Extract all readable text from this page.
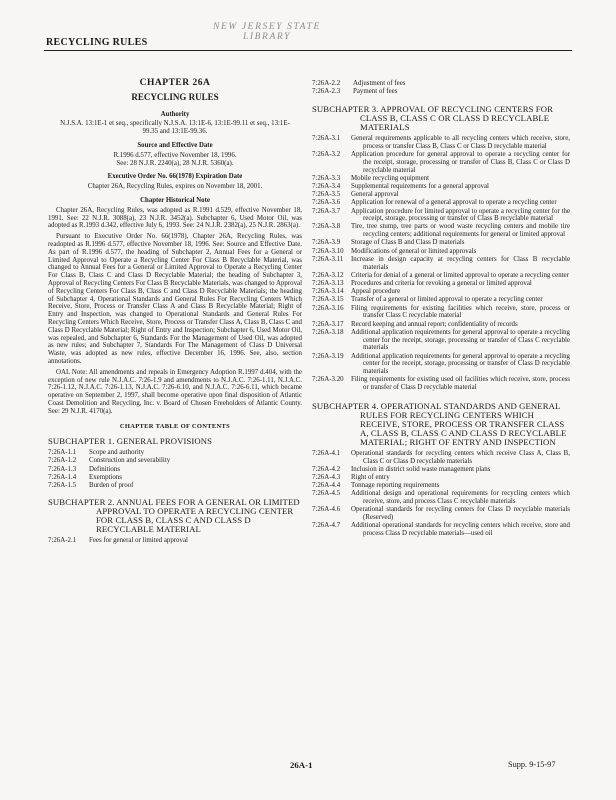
NEW JERSEY STATE LIBRARY
RECYCLING RULES
CHAPTER 26A
RECYCLING RULES
Authority
N.J.S.A. 13:1E-1 et seq., specifically N.J.S.A. 13:1E-6, 13:1E-99.11 et seq., 13:1E-99.35 and 13:1E-99.36.
Source and Effective Date
R.1996 d.577, effective November 18, 1996.
See: 28 N.J.R. 2240(a), 28 N.J.R. 5360(a).
Executive Order No. 66(1978) Expiration Date
Chapter 26A, Recycling Rules, expires on November 18, 2001.
Chapter Historical Note
Chapter 26A, Recycling Rules, was adopted as R.1991 d.529, effective November 18, 1991. See: 22 N.J.R. 3088(a), 23 N.J.R. 3452(a). Subchapter 6, Used Motor Oil, was adopted as R.1993 d.342, effective July 6, 1993. See: 24 N.J.R. 2382(a), 25 N.J.R. 2863(a).
Pursuant to Executive Order No. 66(1978), Chapter 26A, Recycling Rules, was readopted as R.1996 d.577, effective November 18, 1996. See: Source and Effective Date. As part of R.1996 d.577, the heading of Subchapter 2, Annual Fees for a General or Limited Approval to Operate a Recycling Center For Class B Recyclable Material, was changed to Annual Fees for a General or Limited Approval to Operate a Recycling Center For Class B, Class C and Class D Recyclable Material; the heading of Subchapter 3, Approval of Recycling Centers For Class B Recyclable Materials, was changed to Approval of Recycling Centers For Class B, Class C and Class D Recyclable Materials; the heading of Subchapter 4, Operational Standards and General Rules For Recycling Centers Which Receive, Store, Process or Transfer Class A and Class B Recyclable Material; Right of Entry and Inspection, was changed to Operational Standards and General Rules For Recycling Centers Which Receive, Store, Process or Transfer Class A, Class B, Class C and Class D Recyclable Material; Right of Entry and Inspection; Subchapter 6, Used Motor Oil, was repealed, and Subchapter 6, Standards For the Management of Used Oil, was adopted as new rules; and Subchapter 7, Standards For The Management of Class D Universal Waste, was adopted as new rules, effective December 16, 1996. See, also, section annotations.
OAL Note: All amendments and repeals in Emergency Adoption R.1997 d.404, with the exception of new rule N.J.A.C. 7:26-1.9 and amendments to N.J.A.C. 7:26-1.11, N.J.A.C. 7:26-1.12, N.J.A.C. 7:26-1.13, N.J.A.C. 7:26-6.10, and N.J.A.C. 7:26-6.11, which became operative on September 2, 1997, shall become operative upon final disposition of Atlantic Coast Demolition and Recycling, Inc. v. Board of Chosen Freeholders of Atlantic County. See: 29 N.J.R. 4170(a).
CHAPTER TABLE OF CONTENTS
SUBCHAPTER 1. GENERAL PROVISIONS
7:26A-1.1	Scope and authority
7:26A-1.2	Construction and severability
7:26A-1.3	Definitions
7:26A-1.4	Exemptions
7:26A-1.5	Burden of proof
SUBCHAPTER 2. ANNUAL FEES FOR A GENERAL OR LIMITED APPROVAL TO OPERATE A RECYCLING CENTER FOR CLASS B, CLASS C AND CLASS D RECYCLABLE MATERIAL
7:26A-2.1	Fees for general or limited approval
7:26A-2.2	Adjustment of fees
7:26A-2.3	Payment of fees
SUBCHAPTER 3. APPROVAL OF RECYCLING CENTERS FOR CLASS B, CLASS C OR CLASS D RECYCLABLE MATERIALS
7:26A-3.1	General requirements applicable to all recycling centers which receive, store, process or transfer Class B, Class C or Class D recyclable material
7:26A-3.2	Application procedure for general approval to operate a recycling center for the receipt, storage, processing or transfer of Class B, Class C or Class D recyclable material
7:26A-3.3	Mobile recycling equipment
7:26A-3.4	Supplemental requirements for a general approval
7:26A-3.5	General approval
7:26A-3.6	Application for renewal of a general approval to operate a recycling center
7:26A-3.7	Application procedure for limited approval to operate a recycling center for the receipt, storage, processing or transfer of Class B recyclable material
7:26A-3.8	Tire, tree stump, tree parts or wood waste recycling centers and mobile tire recycling centers; additional requirements for general or limited approval
7:26A-3.9	Storage of Class B and Class D materials
7:26A-3.10	Modifications of general or limited approvals
7:26A-3.11	Increase in design capacity at recycling centers for Class B recyclable materials
7:26A-3.12	Criteria for denial of a general or limited approval to operate a recycling center
7:26A-3.13	Procedures and criteria for revoking a general or limited approval
7:26A-3.14	Appeal procedure
7:26A-3.15	Transfer of a general or limited approval to operate a recycling center
7:26A-3.16	Filing requirements for existing facilities which receive, store, process or transfer Class C recyclable material
7:26A-3.17	Record keeping and annual report; confidentiality of records
7:26A-3.18	Additional application requirements for general approval to operate a recycling center for the receipt, storage, processing or transfer of Class C recyclable materials
7:26A-3.19	Additional application requirements for general approval to operate a recycling center for the receipt, storage, processing or transfer of Class D recyclable materials
7:26A-3.20	Filing requirements for existing used oil facilities which receive, store, process or transfer of Class D recyclable material
SUBCHAPTER 4. OPERATIONAL STANDARDS AND GENERAL RULES FOR RECYCLING CENTERS WHICH RECEIVE, STORE, PROCESS OR TRANSFER CLASS A, CLASS B, CLASS C AND CLASS D RECYCLABLE MATERIAL; RIGHT OF ENTRY AND INSPECTION
7:26A-4.1	Operational standards for recycling centers which receive Class A, Class B, Class C or Class D recyclable materials
7:26A-4.2	Inclusion in district solid waste management plans
7:26A-4.3	Right of entry
7:26A-4.4	Tonnage reporting requirements
7:26A-4.5	Additional design and operational requirements for recycling centers which receive, store, and process Class C recyclable materials
7:26A-4.6	Operational standards for recycling centers for Class D recyclable materials (Reserved)
7:26A-4.7	Additional operational standards for recycling centers which receive, store and process Class D recyclable materials—used oil
26A-1	Supp. 9-15-97
